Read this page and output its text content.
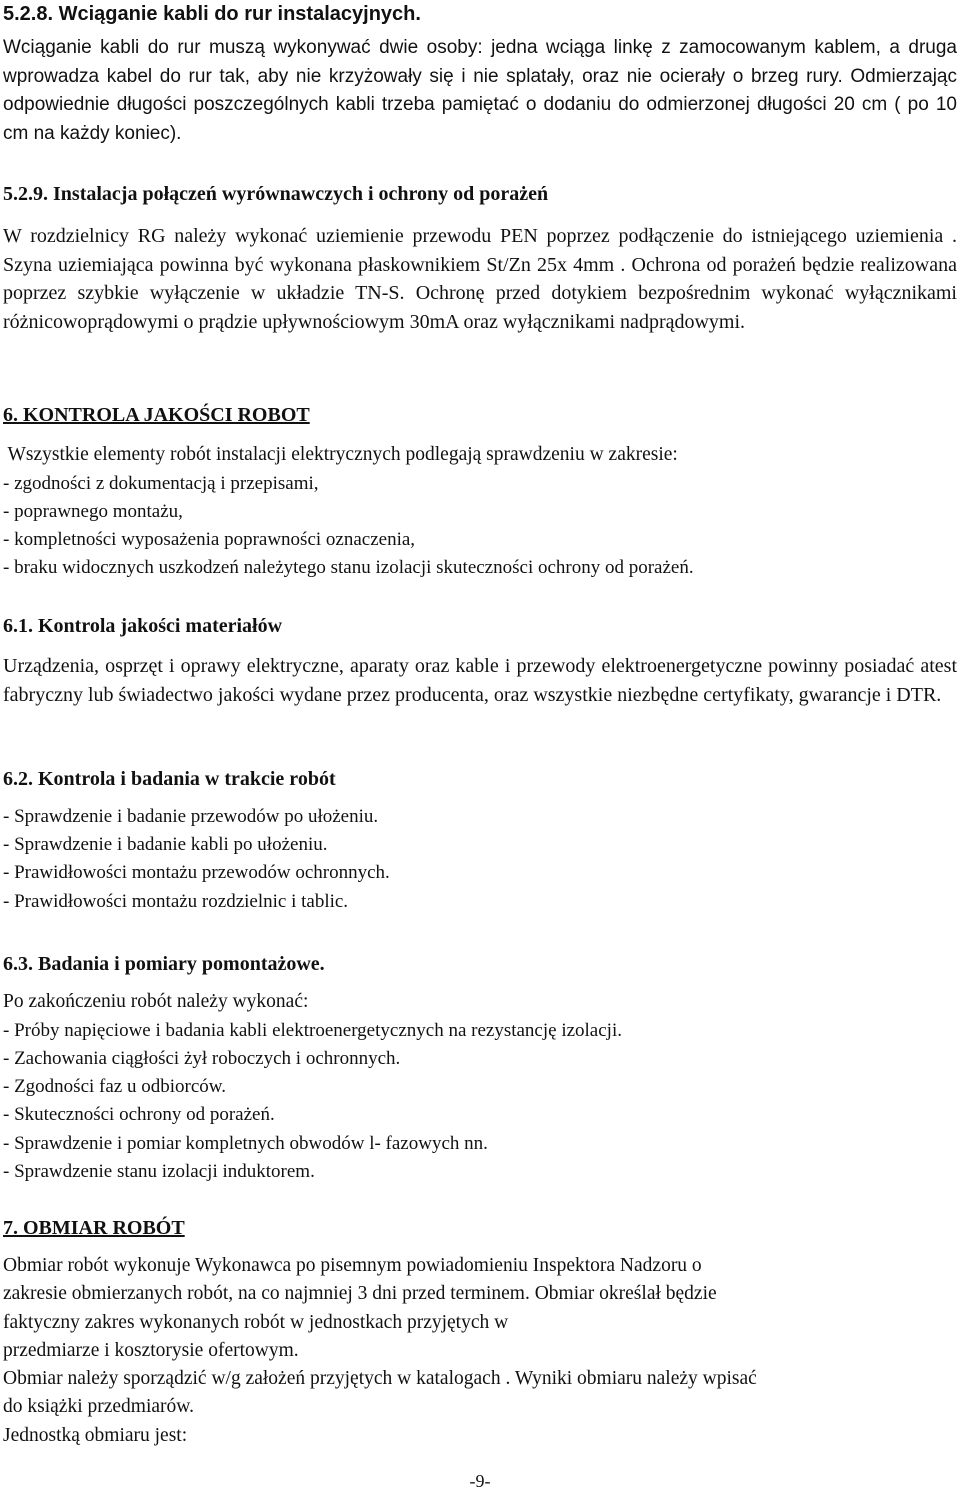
5.2.8. Wciąganie kabli do rur instalacyjnych.

Wciąganie kabli do rur muszą wykonywać dwie osoby: jedna wciąga linkę z zamocowanym kablem, a druga wprowadza kabel do rur tak, aby nie krzyżowały się i nie splatały, oraz nie ocierały o brzeg rury. Odmierzając odpowiednie długości poszczególnych kabli trzeba pamiętać o dodaniu do odmierzonej długości 20 cm ( po 10 cm na każdy koniec).

5.2.9. Instalacja połączeń wyrównawczych i ochrony od porażeń

W rozdzielnicy RG należy wykonać uziemienie przewodu PEN poprzez podłączenie do istniejącego uziemienia . Szyna uziemiająca powinna być wykonana płaskownikiem St/Zn 25x 4mm . Ochrona od porażeń będzie realizowana poprzez szybkie wyłączenie w układzie TN-S. Ochronę przed dotykiem bezpośrednim wykonać wyłącznikami różnicowoprądowymi o prądzie upływnościowym 30mA oraz wyłącznikami nadprądowymi.

6. KONTROLA JAKOŚCI ROBOT

Wszystkie elementy robót instalacji elektrycznych podlegają sprawdzeniu w zakresie:

- zgodności z dokumentacją i przepisami,
- poprawnego montażu,
- kompletności wyposażenia poprawności oznaczenia,
- braku widocznych uszkodzeń należytego stanu izolacji skuteczności ochrony od porażeń.

6.1. Kontrola jakości materiałów

Urządzenia, osprzęt i oprawy elektryczne, aparaty oraz kable i przewody elektroenergetyczne powinny posiadać atest fabryczny lub świadectwo jakości wydane przez producenta, oraz wszystkie niezbędne certyfikaty, gwarancje i DTR.

6.2. Kontrola i badania w trakcie robót

- Sprawdzenie i badanie przewodów po ułożeniu.
- Sprawdzenie i badanie kabli po ułożeniu.
- Prawidłowości montażu przewodów ochronnych.
- Prawidłowości montażu rozdzielnic i tablic.

6.3. Badania i pomiary pomontażowe.

Po zakończeniu robót należy wykonać:

- Próby napięciowe i badania kabli elektroenergetycznych na rezystancję izolacji.
- Zachowania ciągłości żył roboczych i ochronnych.
- Zgodności faz u odbiorców.
- Skuteczności ochrony od porażeń.
- Sprawdzenie i pomiar kompletnych obwodów l- fazowych nn.
- Sprawdzenie stanu izolacji induktorem.

7. OBMIAR ROBÓT

Obmiar robót wykonuje Wykonawca po pisemnym powiadomieniu Inspektora Nadzoru o
zakresie obmierzanych robót, na co najmniej 3 dni przed terminem. Obmiar określał będzie
faktyczny zakres wykonanych robót w jednostkach przyjętych w
przedmiarze i kosztorysie ofertowym.
Obmiar należy sporządzić w/g założeń przyjętych w katalogach . Wyniki obmiaru należy wpisać
do książki przedmiarów.
Jednostką obmiaru jest:
-9-
